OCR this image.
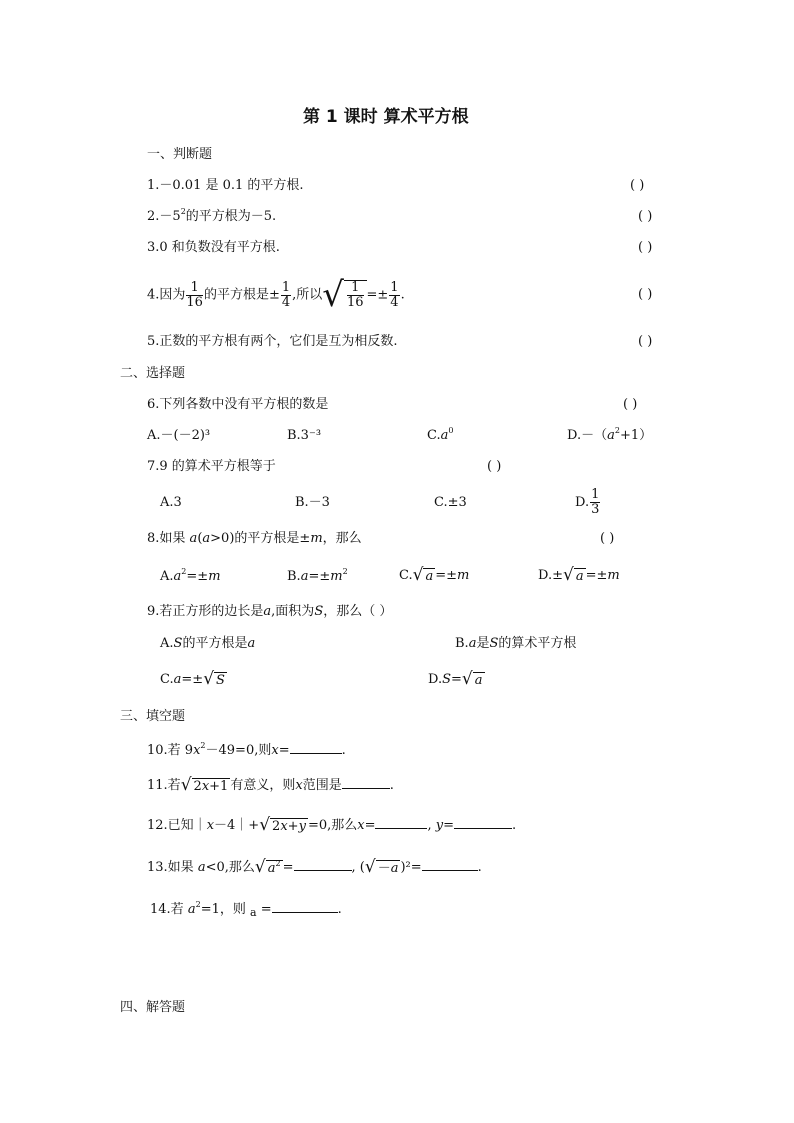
第 1 课时 算术平方根
一、判断题
1.－0.01 是 0.1 的平方根.	( )
$2.-5^2$的平方根为－5.	( )
3.0 和负数没有平方根.	( )
4.因为 $\frac{1}{16}$ 的平方根是± $\frac{1}{4}$ ,所以√ $\frac{1}{16} =\pm \frac{1}{4}$ .	( )
5.正数的平方根有两个，它们是互为相反数.	( )
二、选择题
6.下列各数中没有平方根的数是	( )
A.－(－2)³	B.3⁻³	$C.a^0$	$D.-(a^2+1)$
7.9 的算术平方根等于	( )
A.3	B.－3	C.±3	D. $\frac{1}{3}$
8.如果 a(a>0)的平方根是±m，那么	( )
$A.a^2=\pm m$	$B.a=\pm m^2$	C.√ a =±m	D.±√ a =±m
9.若正方形的边长是a,面积为S，那么（ ）
A.S的平方根是a	B.a是S的算术平方根
C.a=±√ S	D.S=√ a
三、填空题
10.若 $9x^2-49=0$,则x=	.
11.若√ 2x+1 有意义，则x范围是	.
12.已知｜x－4｜+√ 2x+y =0,那么x=	, y=	.
13.如果 a<0,那么√ $a^2$ =	, (√ －a )²=	.
14.若 $a^2=1$，则 $_a$ =	.
四、解答题
